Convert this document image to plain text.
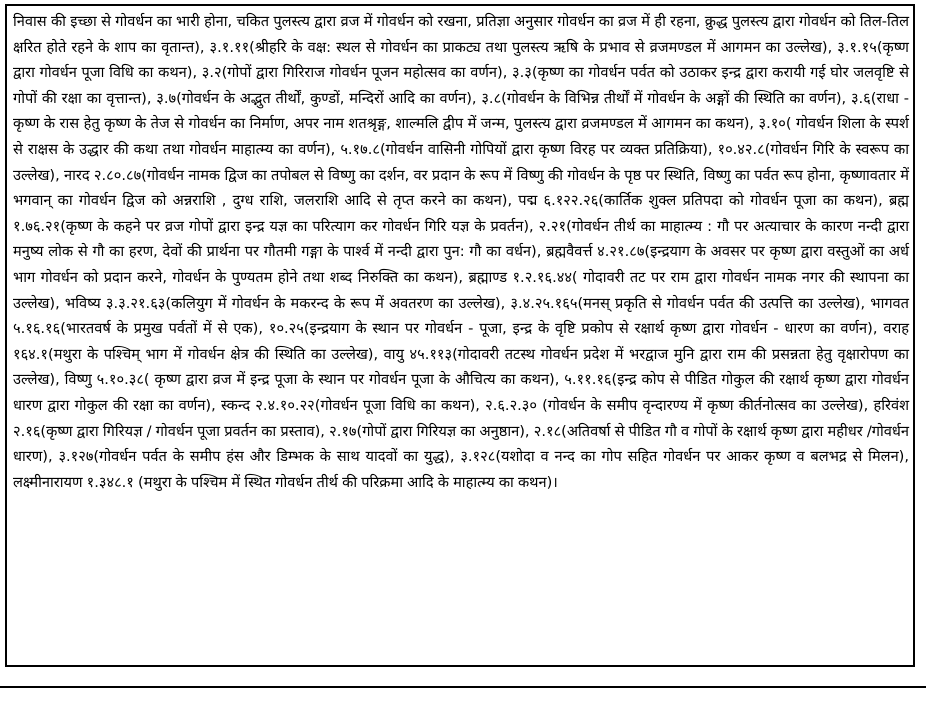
निवास की इच्छा से गोवर्धन का भारी होना, चकित पुलस्त्य द्वारा व्रज में गोवर्धन को रखना, प्रतिज्ञा अनुसार गोवर्धन का व्रज में ही रहना, क्रुद्ध पुलस्त्य द्वारा गोवर्धन को तिल-तिल क्षरित होते रहने के शाप का वृतान्त), ३.१.११(श्रीहरि के वक्ष: स्थल से गोवर्धन का प्राकट्य तथा पुलस्त्य ऋषि के प्रभाव से व्रजमण्डल में आगमन का उल्लेख), ३.१.१५(कृष्ण द्वारा गोवर्धन पूजा विधि का कथन), ३.२(गोपों द्वारा गिरिराज गोवर्धन पूजन महोत्सव का वर्णन), ३.३(कृष्ण का गोवर्धन पर्वत को उठाकर इन्द्र द्वारा करायी गई घोर जलवृष्टि से गोपों की रक्षा का वृत्तान्त), ३.७(गोवर्धन के अद्भुत तीर्थों, कुण्डों, मन्दिरों आदि का वर्णन), ३.८(गोवर्धन के विभिन्न तीर्थों में गोवर्धन के अङ्गों की स्थिति का वर्णन), ३.६(राधा - कृष्ण के रास हेतु कृष्ण के तेज से गोवर्धन का निर्माण, अपर नाम शतश्रृङ्ग, शाल्मलि द्वीप में जन्म, पुलस्त्य द्वारा व्रजमण्डल में आगमन का कथन), ३.१०( गोवर्धन शिला के स्पर्श से राक्षस के उद्धार की कथा तथा गोवर्धन माहात्म्य का वर्णन), ५.१७.८(गोवर्धन वासिनी गोपियों द्वारा कृष्ण विरह पर व्यक्त प्रतिक्रिया), १०.४२.८(गोवर्धन गिरि के स्वरूप का उल्लेख), नारद २.८०.८७(गोवर्धन नामक द्विज का तपोबल से विष्णु का दर्शन, वर प्रदान के रूप में विष्णु की गोवर्धन के पृष्ठ पर स्थिति, विष्णु का पर्वत रूप होना, कृष्णावतार में भगवान् का गोवर्धन द्विज को अन्नराशि , दुग्ध राशि, जलराशि आदि से तृप्त करने का कथन), पद्म ६.१२२.२६(कार्तिक शुक्ल प्रतिपदा को गोवर्धन पूजा का कथन), ब्रह्म १.७६.२१(कृष्ण के कहने पर व्रज गोपों द्वारा इन्द्र यज्ञ का परित्याग कर गोवर्धन गिरि यज्ञ के प्रवर्तन), २.२१(गोवर्धन तीर्थ का माहात्म्य : गौ पर अत्याचार के कारण नन्दी द्वारा मनुष्य लोक से गौ का हरण, देवों की प्रार्थना पर गौतमी गङ्गा के पार्श्व में नन्दी द्वारा पुन: गौ का वर्धन), ब्रह्मवैवर्त्त ४.२१.८७(इन्द्रयाग के अवसर पर कृष्ण द्वारा वस्तुओं का अर्ध भाग गोवर्धन को प्रदान करने, गोवर्धन के पुण्यतम होने तथा शब्द निरुक्ति का कथन), ब्रह्माण्ड १.२.१६.४४( गोदावरी तट पर राम द्वारा गोवर्धन नामक नगर की स्थापना का उल्लेख), भविष्य ३.३.२१.६३(कलियुग में गोवर्धन के मकरन्द के रूप में अवतरण का उल्लेख), ३.४.२५.१६५(मनस् प्रकृति से गोवर्धन पर्वत की उत्पत्ति का उल्लेख), भागवत ५.१६.१६(भारतवर्ष के प्रमुख पर्वतों में से एक), १०.२५(इन्द्रयाग के स्थान पर गोवर्धन - पूजा, इन्द्र के वृष्टि प्रकोप से रक्षार्थ कृष्ण द्वारा गोवर्धन - धारण का वर्णन), वराह १६४.१(मथुरा के पश्चिम् भाग में गोवर्धन क्षेत्र की स्थिति का उल्लेख), वायु ४५.११३(गोदावरी तटस्थ गोवर्धन प्रदेश में भरद्वाज मुनि द्वारा राम की प्रसन्नता हेतु वृक्षारोपण का उल्लेख), विष्णु ५.१०.३८( कृष्ण द्वारा व्रज में इन्द्र पूजा के स्थान पर गोवर्धन पूजा के औचित्य का कथन), ५.११.१६(इन्द्र कोप से पीडित गोकुल की रक्षार्थ कृष्ण द्वारा गोवर्धन धारण द्वारा गोकुल की रक्षा का वर्णन), स्कन्द २.४.१०.२२(गोवर्धन पूजा विधि का कथन), २.६.२.३० (गोवर्धन के समीप वृन्दारण्य में कृष्ण कीर्तनोत्सव का उल्लेख), हरिवंश २.१६(कृष्ण द्वारा गिरियज्ञ / गोवर्धन पूजा प्रवर्तन का प्रस्ताव), २.१७(गोपों द्वारा गिरियज्ञ का अनुष्ठान), २.१८(अतिवर्षा से पीडित गौ व गोपों के रक्षार्थ कृष्ण द्वारा महीधर /गोवर्धन धारण), ३.१२७(गोवर्धन पर्वत के समीप हंस और डिम्भक के साथ यादवों का युद्ध), ३.१२८(यशोदा व नन्द का गोप सहित गोवर्धन पर आकर कृष्ण व बलभद्र से मिलन), लक्ष्मीनारायण १.३४८.१ (मथुरा के पश्चिम में स्थित गोवर्धन तीर्थ की परिक्रमा आदि के माहात्म्य का कथन)।
